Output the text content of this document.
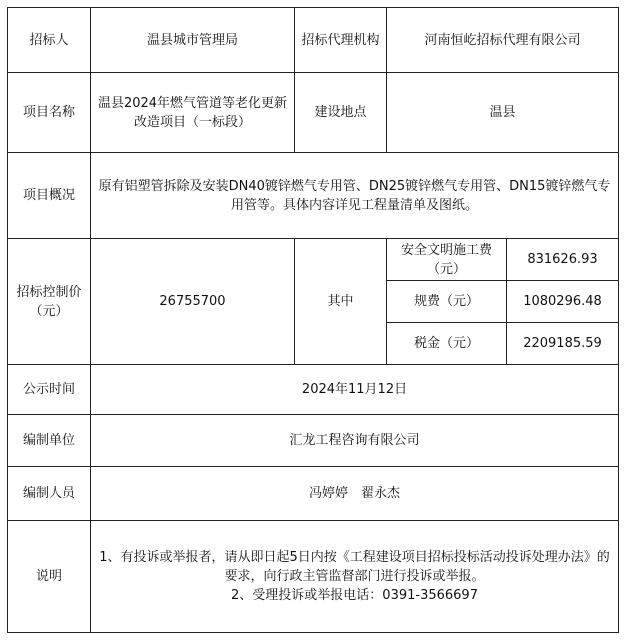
招标人	温县城市管理局	招标代理机构	河南恒屹招标代理有限公司	
项目名称	温县2024年燃气管道等老化更新改造项目（一标段）	建设地点	温县	
项目概况	原有铝塑管拆除及安装DN40镀锌燃气专用管、DN25镀锌燃气专用管、DN15镀锌燃气专用管等。具体内容详见工程量清单及图纸。			
招标控制价（元）	26755700	其中	安全文明施工费（元）	831626.93
			规费（元）	1080296.48
			税金（元）	2209185.59
公示时间	2024年11月12日			
编制单位	汇龙工程咨询有限公司			
编制人员	冯婷婷　翟永杰			
说明	1、有投诉或举报者，请从即日起5日内按《工程建设项目招标投标活动投诉处理办法》的要求，向行政主管监督部门进行投诉或举报。
2、受理投诉或举报电话：0391-3566697			
